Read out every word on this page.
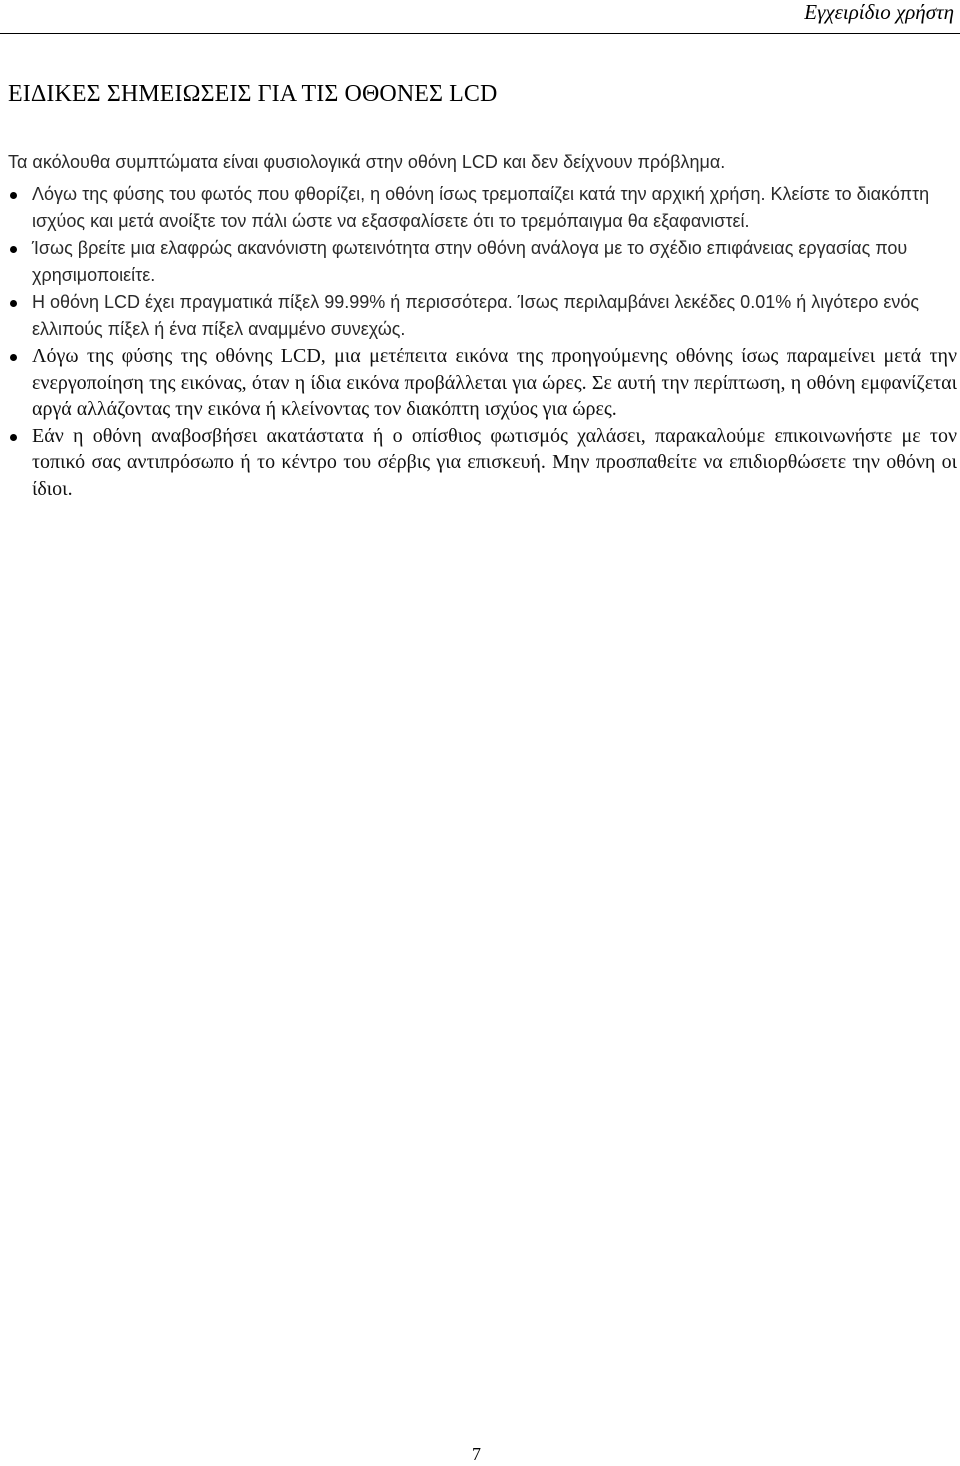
Εγχειρίδιο χρήστη
ΕΙΔΙΚΕΣ ΣΗΜΕΙΩΣΕΙΣ ΓΙΑ ΤΙΣ ΟΘΟΝΕΣ LCD

Τα ακόλουθα συμπτώματα είναι φυσιολογικά στην οθόνη LCD και δεν δείχνουν πρόβλημα.

Λόγω της φύσης του φωτός που φθορίζει, η οθόνη ίσως τρεμοπαίζει κατά την αρχική χρήση. Κλείστε το διακόπτη ισχύος και μετά ανοίξτε τον πάλι ώστε να εξασφαλίσετε ότι το τρεμόπαιγμα θα εξαφανιστεί.
Ίσως βρείτε μια ελαφρώς ακανόνιστη φωτεινότητα στην οθόνη ανάλογα με το σχέδιο επιφάνειας εργασίας που χρησιμοποιείτε.
Η οθόνη LCD έχει πραγματικά πίξελ 99.99% ή περισσότερα. Ίσως περιλαμβάνει λεκέδες 0.01% ή λιγότερο ενός ελλιπούς πίξελ ή ένα πίξελ αναμμένο συνεχώς.
Λόγω της φύσης της οθόνης LCD, μια μετέπειτα εικόνα της προηγούμενης οθόνης ίσως παραμείνει μετά την ενεργοποίηση της εικόνας, όταν η ίδια εικόνα προβάλλεται για ώρες. Σε αυτή την περίπτωση, η οθόνη εμφανίζεται αργά αλλάζοντας την εικόνα ή κλείνοντας τον διακόπτη ισχύος για ώρες.
Εάν η οθόνη αναβοσβήσει ακατάστατα ή ο οπίσθιος φωτισμός χαλάσει, παρακαλούμε επικοινωνήστε με τον τοπικό σας αντιπρόσωπο ή το κέντρο του σέρβις για επισκευή. Μην προσπαθείτε να επιδιορθώσετε την οθόνη οι ίδιοι.
7
